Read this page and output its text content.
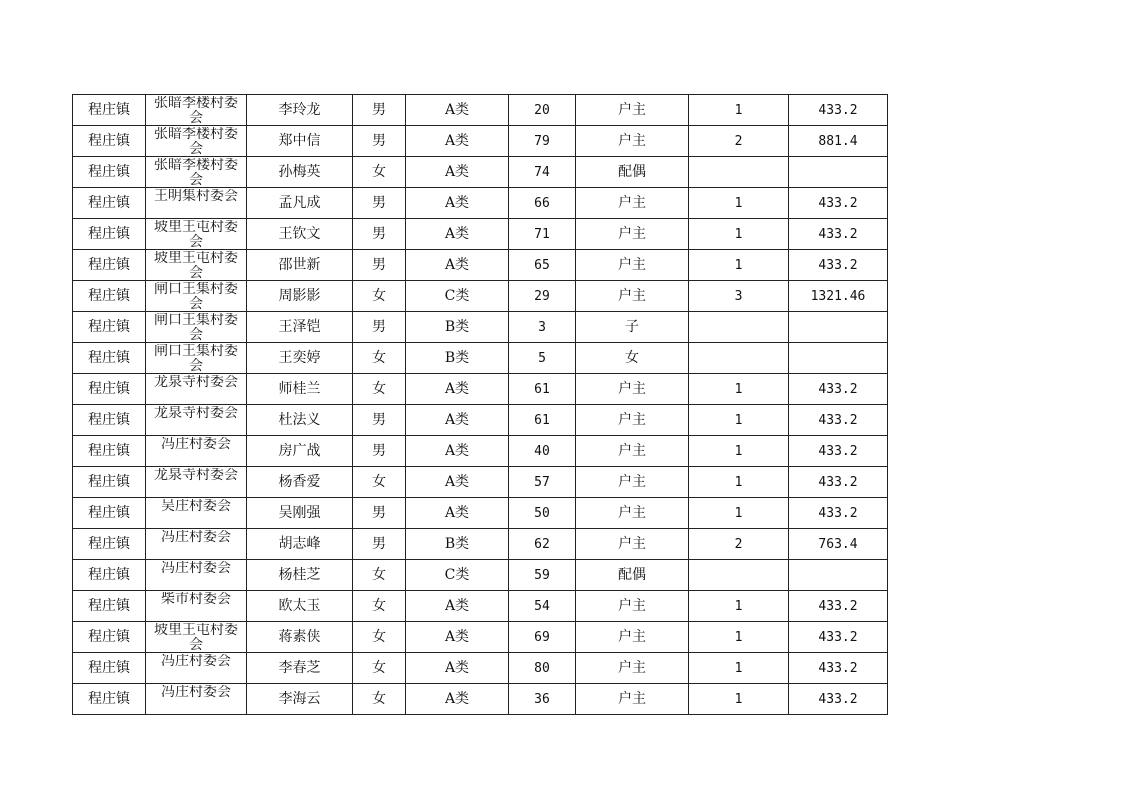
程庄镇	张暗李楼村委会	李玲龙	男	A类	20	户主	1	433.2
程庄镇	张暗李楼村委会	郑中信	男	A类	79	户主	2	881.4
程庄镇	张暗李楼村委会	孙梅英	女	A类	74	配偶		
程庄镇	王明集村委会	孟凡成	男	A类	66	户主	1	433.2
程庄镇	坡里王屯村委会	王钦文	男	A类	71	户主	1	433.2
程庄镇	坡里王屯村委会	邵世新	男	A类	65	户主	1	433.2
程庄镇	闸口王集村委会	周影影	女	C类	29	户主	3	1321.46
程庄镇	闸口王集村委会	王泽铠	男	B类	3	子		
程庄镇	闸口王集村委会	王奕婷	女	B类	5	女		
程庄镇	龙泉寺村委会	师桂兰	女	A类	61	户主	1	433.2
程庄镇	龙泉寺村委会	杜法义	男	A类	61	户主	1	433.2
程庄镇	冯庄村委会	房广战	男	A类	40	户主	1	433.2
程庄镇	龙泉寺村委会	杨香爱	女	A类	57	户主	1	433.2
程庄镇	吴庄村委会	吴刚强	男	A类	50	户主	1	433.2
程庄镇	冯庄村委会	胡志峰	男	B类	62	户主	2	763.4
程庄镇	冯庄村委会	杨桂芝	女	C类	59	配偶		
程庄镇	柴市村委会	欧太玉	女	A类	54	户主	1	433.2
程庄镇	坡里王屯村委会	蒋素侠	女	A类	69	户主	1	433.2
程庄镇	冯庄村委会	李春芝	女	A类	80	户主	1	433.2
程庄镇	冯庄村委会	李海云	女	A类	36	户主	1	433.2
